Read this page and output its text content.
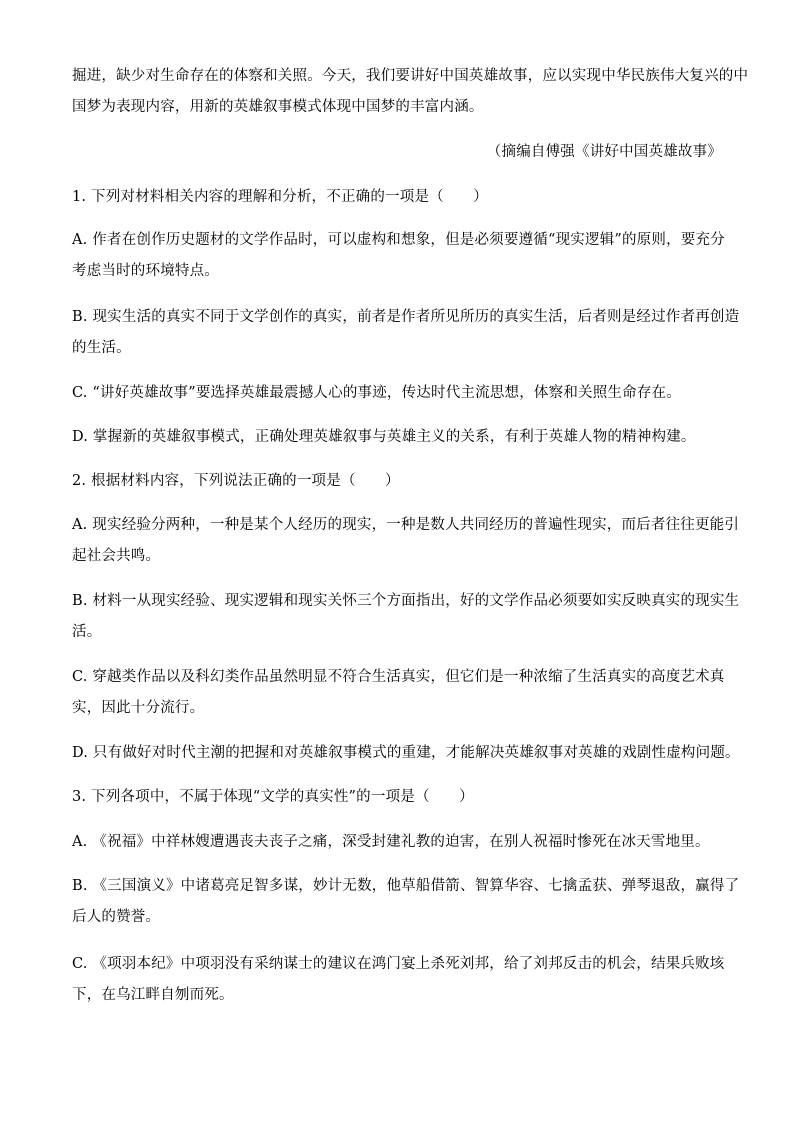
掘进，缺少对生命存在的体察和关照。今天，我们要讲好中国英雄故事，应以实现中华民族伟大复兴的中
国梦为表现内容，用新的英雄叙事模式体现中国梦的丰富内涵。
（摘编自傅强《讲好中国英雄故事》
1. 下列对材料相关内容的理解和分析，不正确的一项是（　　）
A. 作者在创作历史题材的文学作品时，可以虚构和想象，但是必须要遵循“现实逻辑”的原则，要充分
考虑当时的环境特点。
B. 现实生活的真实不同于文学创作的真实，前者是作者所见所历的真实生活，后者则是经过作者再创造
的生活。
C. “讲好英雄故事”要选择英雄最震撼人心的事迹，传达时代主流思想，体察和关照生命存在。
D. 掌握新的英雄叙事模式，正确处理英雄叙事与英雄主义的关系，有利于英雄人物的精神构建。
2. 根据材料内容，下列说法正确的一项是（　　）
A. 现实经验分两种，一种是某个人经历的现实，一种是数人共同经历的普遍性现实，而后者往往更能引
起社会共鸣。
B. 材料一从现实经验、现实逻辑和现实关怀三个方面指出，好的文学作品必须要如实反映真实的现实生
活。
C. 穿越类作品以及科幻类作品虽然明显不符合生活真实，但它们是一种浓缩了生活真实的高度艺术真
实，因此十分流行。
D. 只有做好对时代主潮的把握和对英雄叙事模式的重建，才能解决英雄叙事对英雄的戏剧性虚构问题。
3. 下列各项中，不属于体现“文学的真实性”的一项是（　　）
A. 《祝福》中祥林嫂遭遇丧夫丧子之痛，深受封建礼教的迫害，在别人祝福时惨死在冰天雪地里。
B. 《三国演义》中诸葛亮足智多谋，妙计无数，他草船借箭、智算华容、七擒孟获、弹琴退敌，赢得了
后人的赞誉。
C. 《项羽本纪》中项羽没有采纳谋士的建议在鸿门宴上杀死刘邦，给了刘邦反击的机会，结果兵败垓
下，在乌江畔自刎而死。
